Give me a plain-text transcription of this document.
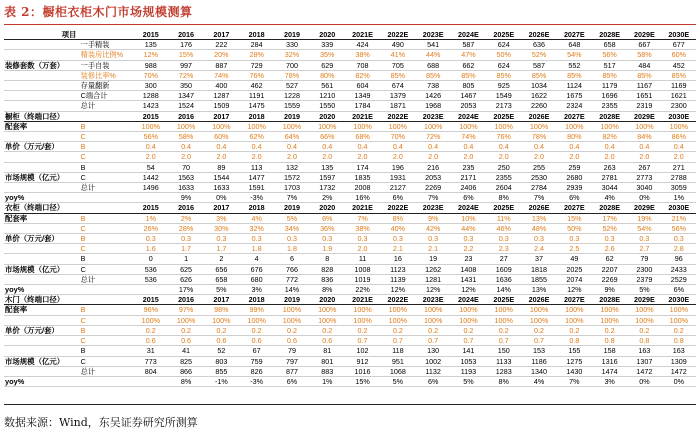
表 2：橱柜衣柜木门市场规模测算
项目		2015	2016	2017	2018	2019	2020	2021E	2022E	2023E	2024E	2025E	2026E	2027E	2028E	2029E	2030E
	一手精装	135	176	222	284	330	339	424	490	541	587	624	636	648	658	667	677
	精装房比例%	12%	15%	20%	28%	32%	35%	38%	41%	44%	47%	50%	52%	54%	56%	58%	60%
装修套数（万套）	一手自装	988	997	887	729	700	629	708	705	688	662	624	587	552	517	484	452
	装修比率%	70%	72%	74%	76%	78%	80%	82%	85%	85%	85%	85%	85%	85%	85%	85%	85%
	存量翻新	300	350	400	462	527	561	604	674	738	805	925	1034	1124	1179	1167	1169
	C端合计	1288	1347	1287	1191	1228	1210	1349	1379	1426	1467	1549	1622	1675	1696	1651	1621
	总计	1423	1524	1509	1475	1559	1550	1784	1871	1968	2053	2173	2260	2324	2355	2319	2300
橱柜（终端口径）		2015	2016	2017	2018	2019	2020	2021E	2022E	2023E	2024E	2025E	2026E	2027E	2028E	2029E	2030E
配套率	B	100%	100%	100%	100%	100%	100%	100%	100%	100%	100%	100%	100%	100%	100%	100%	100%
	C	56%	58%	60%	62%	64%	66%	68%	70%	72%	74%	76%	78%	80%	82%	84%	86%
单价（万元/套）	B	0.4	0.4	0.4	0.4	0.4	0.4	0.4	0.4	0.4	0.4	0.4	0.4	0.4	0.4	0.4	0.4
	C	2.0	2.0	2.0	2.0	2.0	2.0	2.0	2.0	2.0	2.0	2.0	2.0	2.0	2.0	2.0	2.0
	B	54	70	89	113	132	135	174	196	216	235	250	255	259	263	267	271
市场规模（亿元）	C	1442	1563	1544	1477	1572	1597	1835	1931	2053	2171	2355	2530	2680	2781	2773	2788
	总计	1496	1633	1633	1591	1703	1732	2008	2127	2269	2406	2604	2784	2939	3044	3040	3059
yoy%			9%	0%	-3%	7%	2%	16%	6%	7%	6%	8%	7%	6%	4%	0%	1%
衣柜（终端口径）		2015	2016	2017	2018	2019	2020	2021E	2022E	2023E	2024E	2025E	2026E	2027E	2028E	2029E	2030E
配套率	B	1%	2%	3%	4%	5%	6%	7%	8%	9%	10%	11%	13%	15%	17%	19%	21%
	C	26%	28%	30%	32%	34%	36%	38%	40%	42%	44%	46%	48%	50%	52%	54%	56%
单价（万元/套）	B	0.3	0.3	0.3	0.3	0.3	0.3	0.3	0.3	0.3	0.3	0.3	0.3	0.3	0.3	0.3	0.3
	C	1.6	1.7	1.7	1.8	1.8	1.9	2.0	2.1	2.1	2.2	2.3	2.4	2.5	2.6	2.7	2.8
	B	0	1	2	4	6	8	11	16	19	23	27	37	49	62	79	96
市场规模（亿元）	C	536	625	656	676	766	828	1008	1123	1262	1408	1609	1818	2025	2207	2300	2433
	总计	536	626	658	680	772	836	1019	1139	1281	1431	1636	1855	2074	2269	2379	2529
yoy%			17%	5%	3%	14%	8%	22%	12%	12%	12%	14%	13%	12%	9%	5%	6%
木门（终端口径）		2015	2016	2017	2018	2019	2020	2021E	2022E	2023E	2024E	2025E	2026E	2027E	2028E	2029E	2030E
配套率	B	96%	97%	98%	99%	100%	100%	100%	100%	100%	100%	100%	100%	100%	100%	100%	100%
	C	100%	100%	100%	100%	100%	100%	100%	100%	100%	100%	100%	100%	100%	100%	100%	100%
单价（万元/套）	B	0.2	0.2	0.2	0.2	0.2	0.2	0.2	0.2	0.2	0.2	0.2	0.2	0.2	0.2	0.2	0.2
	C	0.6	0.6	0.6	0.6	0.6	0.6	0.7	0.7	0.7	0.7	0.7	0.7	0.8	0.8	0.8	0.8
	B	31	41	52	67	79	81	102	118	130	141	150	153	155	158	163	163
市场规模（亿元）	C	773	825	803	759	797	801	912	951	1002	1053	1133	1186	1275	1316	1307	1309
	总计	804	866	855	826	877	883	1016	1068	1132	1193	1283	1340	1430	1474	1472	1472
yoy%			8%	-1%	-3%	6%	1%	15%	5%	6%	5%	8%	4%	7%	3%	0%	0%
数据来源：Wind，东吴证券研究所测算
